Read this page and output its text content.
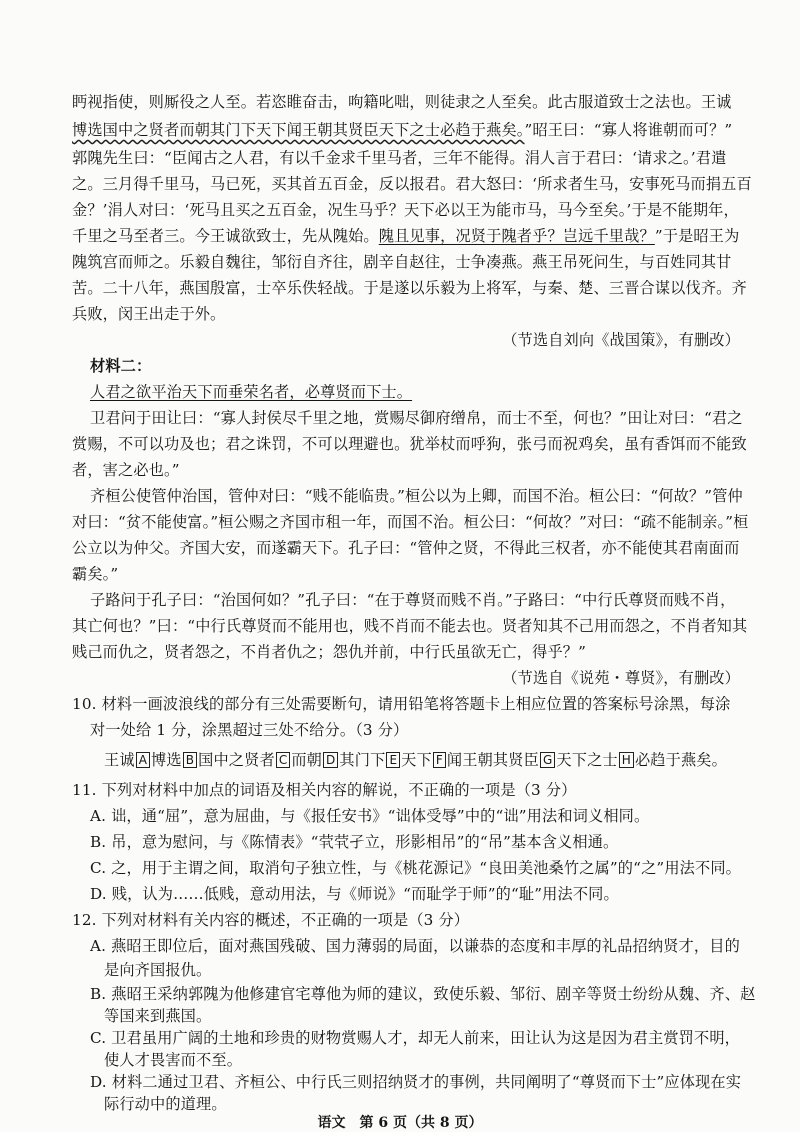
眄视指使，则厮役之人至。若恣睢奋击，呴籍叱咄，则徒隶之人至矣。此古服道致士之法也。王诚
博选国中之贤者而朝其门下天下闻王朝其贤臣天下之士必趋于燕矣。”昭王曰：“寡人将谁朝而可？”
郭隗先生曰：“臣闻古之人君，有以千金求千里马者，三年不能得。涓人言于君曰：‘请求之。’君遣
之。三月得千里马，马已死，买其首五百金，反以报君。君大怒曰：‘所求者生马，安事死马而捐五百
金？’涓人对曰：‘死马且买之五百金，况生马乎？天下必以王为能市马，马今至矣。’于是不能期年，
千里之马至者三。今王诚欲致士，先从隗始。隗且见事，况贤于隗者乎？岂远千里哉？”于是昭王为
隗筑宫而师之。乐毅自魏往，邹衍自齐往，剧辛自赵往，士争凑燕。燕王吊死问生，与百姓同其甘
苦。二十八年，燕国殷富，士卒乐佚轻战。于是遂以乐毅为上将军，与秦、楚、三晋合谋以伐齐。齐
兵败，闵王出走于外。
（节选自刘向《战国策》，有删改）
材料二：
人君之欲平治天下而垂荣名者，必尊贤而下士。
卫君问于田让曰：“寡人封侯尽千里之地，赏赐尽御府缯帛，而士不至，何也？”田让对曰：“君之
赏赐，不可以功及也；君之诛罚，不可以理避也。犹举杖而呼狗，张弓而祝鸡矣，虽有香饵而不能致
者，害之必也。”
齐桓公使管仲治国，管仲对曰：“贱不能临贵。”桓公以为上卿，而国不治。桓公曰：“何故？”管仲
对曰：“贫不能使富。”桓公赐之齐国市租一年，而国不治。桓公曰：“何故？”对曰：“疏不能制亲。”桓
公立以为仲父。齐国大安，而遂霸天下。孔子曰：“管仲之贤，不得此三权者，亦不能使其君南面而
霸矣。”
子路问于孔子曰：“治国何如？”孔子曰：“在于尊贤而贱不肖。”子路曰：“中行氏尊贤而贱不肖，
其亡何也？”曰：“中行氏尊贤而不能用也，贱不肖而不能去也。贤者知其不己用而怨之，不肖者知其
贱己而仇之，贤者怨之，不肖者仇之；怨仇并前，中行氏虽欲无亡，得乎？”
（节选自《说苑・尊贤》，有删改）
10. 材料一画波浪线的部分有三处需要断句，请用铅笔将答题卡上相应位置的答案标号涂黑，每涂
对一处给 1 分，涂黑超过三处不给分。（3 分）
王诚 A 博选 B 国中之贤者 C 而朝 D 其门下 E 天下 F 闻王朝其贤臣 G 天下之士 H 必趋于燕矣。
11. 下列对材料中加点的词语及相关内容的解说，不正确的一项是（3 分）
A. 诎，通“屈”，意为屈曲，与《报任安书》“诎体受辱”中的“诎”用法和词义相同。
B. 吊，意为慰问，与《陈情表》“茕茕孑立，形影相吊”的“吊”基本含义相通。
C. 之，用于主谓之间，取消句子独立性，与《桃花源记》“良田美池桑竹之属”的“之”用法不同。
D. 贱，认为……低贱，意动用法，与《师说》“而耻学于师”的“耻”用法不同。
12. 下列对材料有关内容的概述，不正确的一项是（3 分）
A. 燕昭王即位后，面对燕国残破、国力薄弱的局面，以谦恭的态度和丰厚的礼品招纳贤才，目的
是向齐国报仇。
语文　第 6 页（共 8 页）
B. 燕昭王采纳郭隗为他修建官宅尊他为师的建议，致使乐毅、邹衍、剧辛等贤士纷纷从魏、齐、赵
等国来到燕国。
C. 卫君虽用广阔的土地和珍贵的财物赏赐人才，却无人前来，田让认为这是因为君主赏罚不明，
使人才畏害而不至。
D. 材料二通过卫君、齐桓公、中行氏三则招纳贤才的事例，共同阐明了“尊贤而下士”应体现在实
际行动中的道理。
